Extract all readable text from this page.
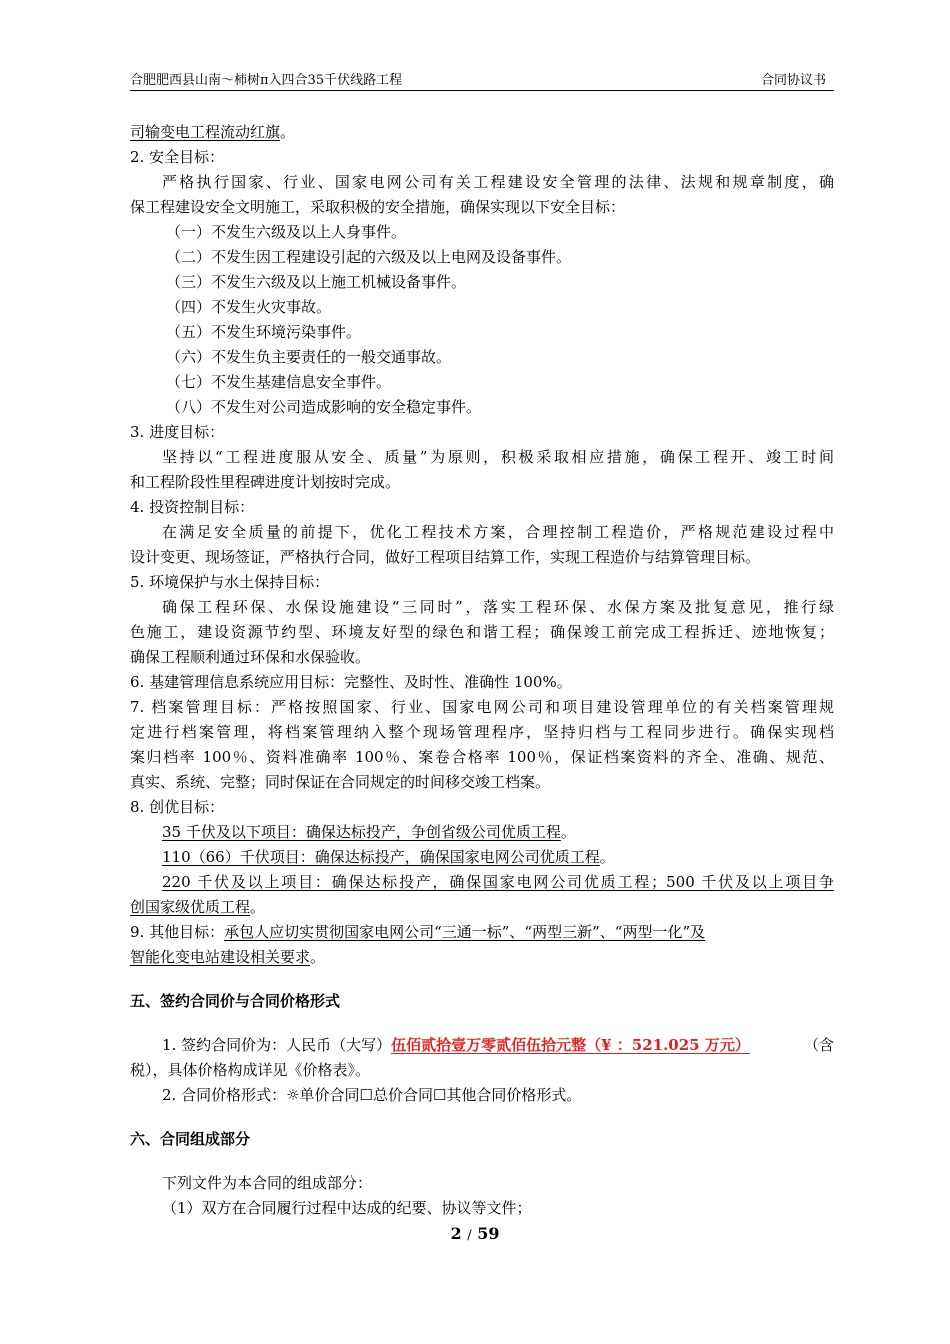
合肥肥西县山南～柿树π入四合35千伏线路工程	合同协议书
司输变电工程流动红旗。
2. 安全目标：
严格执行国家、行业、国家电网公司有关工程建设安全管理的法律、法规和规章制度，确
保工程建设安全文明施工，采取积极的安全措施，确保实现以下安全目标：
（一）不发生六级及以上人身事件。
（二）不发生因工程建设引起的六级及以上电网及设备事件。
（三）不发生六级及以上施工机械设备事件。
（四）不发生火灾事故。
（五）不发生环境污染事件。
（六）不发生负主要责任的一般交通事故。
（七）不发生基建信息安全事件。
（八）不发生对公司造成影响的安全稳定事件。
3. 进度目标：
坚持以“工程进度服从安全、质量”为原则，积极采取相应措施，确保工程开、竣工时间
和工程阶段性里程碑进度计划按时完成。
4. 投资控制目标：
在满足安全质量的前提下，优化工程技术方案，合理控制工程造价，严格规范建设过程中
设计变更、现场签证，严格执行合同，做好工程项目结算工作，实现工程造价与结算管理目标。
5. 环境保护与水土保持目标：
确保工程环保、水保设施建设“三同时”，落实工程环保、水保方案及批复意见，推行绿
色施工，建设资源节约型、环境友好型的绿色和谐工程；确保竣工前完成工程拆迁、迹地恢复；
确保工程顺利通过环保和水保验收。
6. 基建管理信息系统应用目标：完整性、及时性、准确性 100%。
7. 档案管理目标：严格按照国家、行业、国家电网公司和项目建设管理单位的有关档案管理规
定进行档案管理，将档案管理纳入整个现场管理程序，坚持归档与工程同步进行。确保实现档
案归档率 100％、资料准确率 100％、案卷合格率 100％，保证档案资料的齐全、准确、规范、
真实、系统、完整；同时保证在合同规定的时间移交竣工档案。
8. 创优目标：
35 千伏及以下项目：确保达标投产，争创省级公司优质工程。
110（66）千伏项目：确保达标投产，确保国家电网公司优质工程。
220 千伏及以上项目：确保达标投产，确保国家电网公司优质工程；500 千伏及以上项目争
创国家级优质工程。
9. 其他目标：承包人应切实贯彻国家电网公司“三通一标”、“两型三新”、“两型一化”及
智能化变电站建设相关要求。
五、签约合同价与合同价格形式
1. 签约合同价为：人民币（大写）伍佰贰拾壹万零贰佰伍拾元整（¥ ：521.025 万元）	（含
税），具体价格构成详见《价格表》。
2. 合同价格形式：☼单价合同☐总价合同☐其他合同价格形式。
六、合同组成部分
下列文件为本合同的组成部分：
（1）双方在合同履行过程中达成的纪要、协议等文件；
2 / 59
